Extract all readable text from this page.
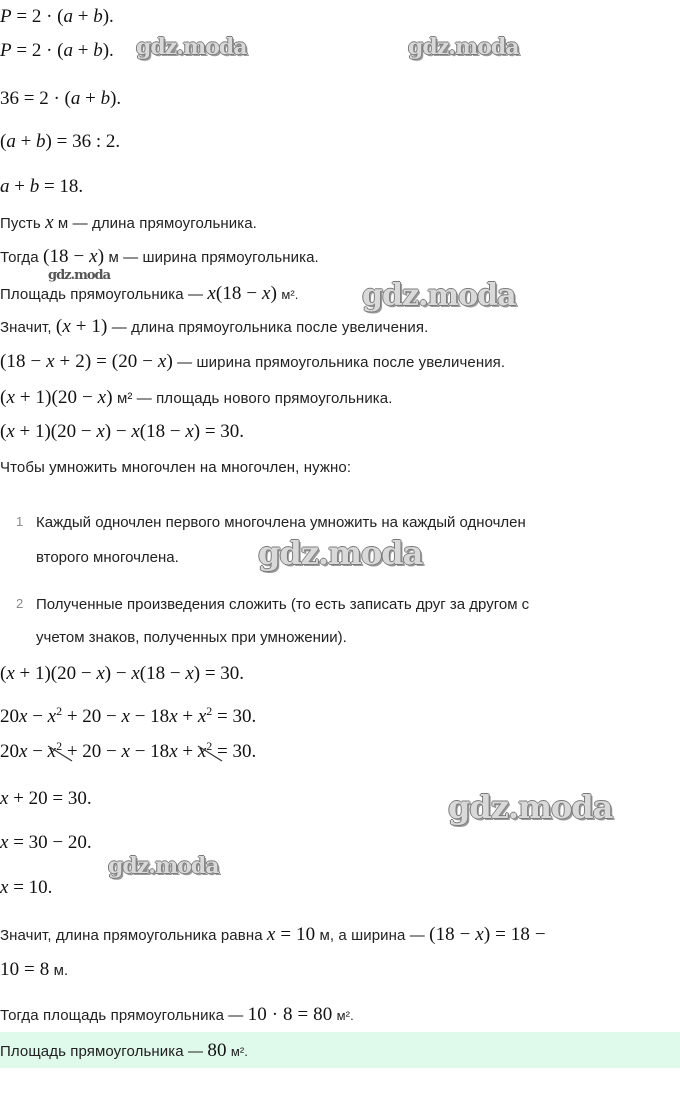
P = 2 · (a + b).
P = 2 · (a + b).
36 = 2 · (a + b).
(a + b) = 36 : 2.
a + b = 18.
Пусть x м — длина прямоугольника.
Тогда (18 − x) м — ширина прямоугольника.
Площадь прямоугольника — x(18 − x) м².
Значит, (x + 1) — длина прямоугольника после увеличения.
(18 − x + 2) = (20 − x) — ширина прямоугольника после увеличения.
(x + 1)(20 − x) м² — площадь нового прямоугольника.
(x + 1)(20 − x) − x(18 − x) = 30.
Чтобы умножить многочлен на многочлен, нужно:
1 Каждый одночлен первого многочлена умножить на каждый одночлен
второго многочлена.
2 Полученные произведения сложить (то есть записать друг за другом с
учетом знаков, полученных при умножении).
(x + 1)(20 − x) − x(18 − x) = 30.
$20x - x^2 + 20 - x - 18x + x^2 = 30$.
$20x - x^2$
+ $20 - x - 18x + x^2$
= 30.
x + 20 = 30.
x = 30 − 20.
x = 10.
Значит, длина прямоугольника равна x = 10 м, а ширина — (18 − x) = 18 −
10 = 8 м.
Тогда площадь прямоугольника — 10 · 8 = 80 м².
Площадь прямоугольника — 80 м².
gdz.moda	gdz.moda
gdz.moda
gdz.moda
gdz.moda
gdz.moda
gdz.moda
